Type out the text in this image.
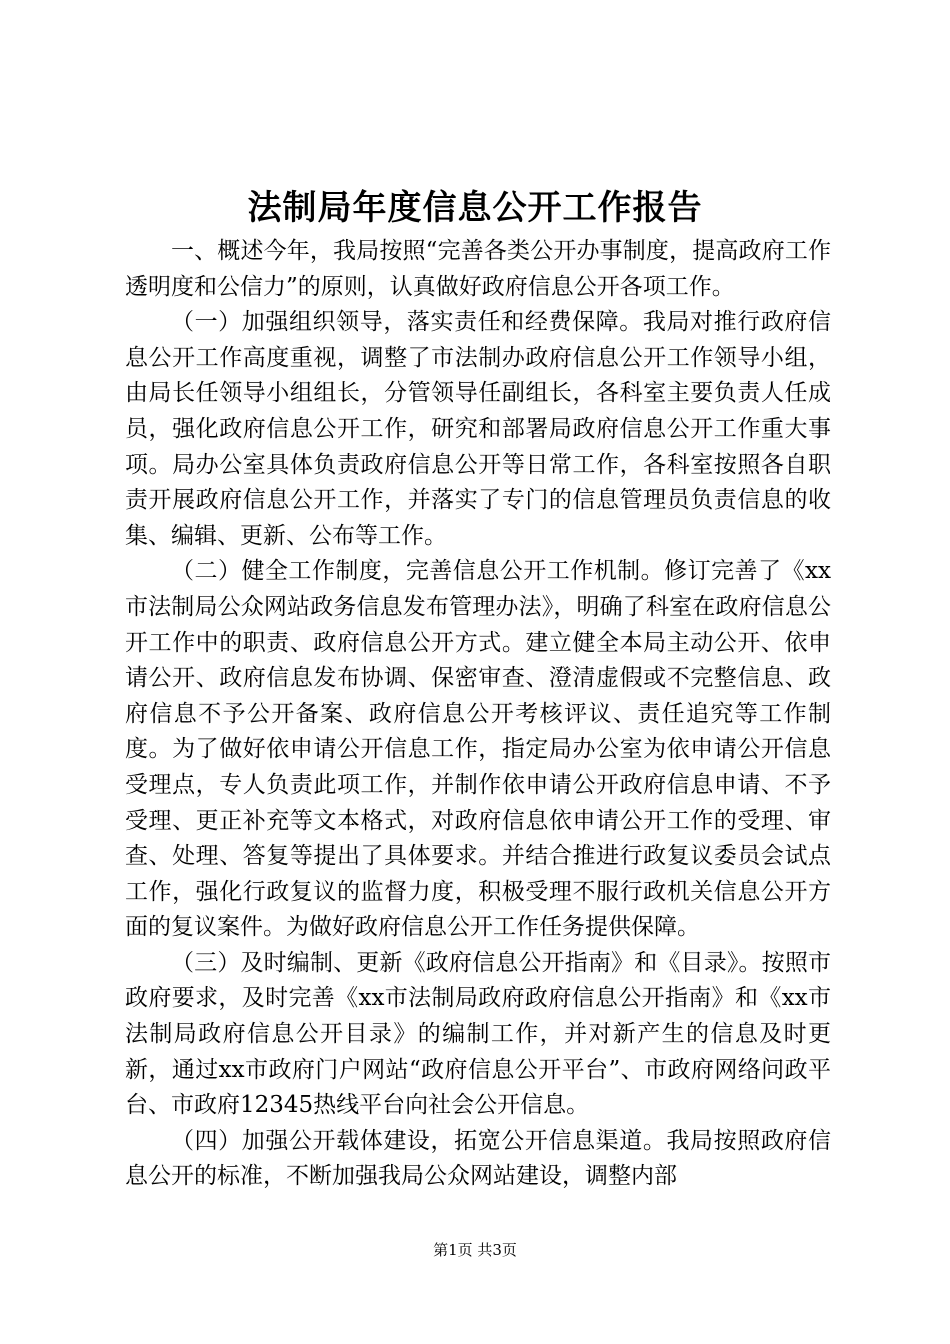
法制局年度信息公开工作报告

一、概述今年，我局按照“完善各类公开办事制度，提高政府工作透明度和公信力”的原则，认真做好政府信息公开各项工作。

（一）加强组织领导，落实责任和经费保障。我局对推行政府信息公开工作高度重视，调整了市法制办政府信息公开工作领导小组，由局长任领导小组组长，分管领导任副组长，各科室主要负责人任成员，强化政府信息公开工作，研究和部署局政府信息公开工作重大事项。局办公室具体负责政府信息公开等日常工作，各科室按照各自职责开展政府信息公开工作，并落实了专门的信息管理员负责信息的收集、编辑、更新、公布等工作。

（二）健全工作制度，完善信息公开工作机制。修订完善了《xx市法制局公众网站政务信息发布管理办法》，明确了科室在政府信息公开工作中的职责、政府信息公开方式。建立健全本局主动公开、依申请公开、政府信息发布协调、保密审查、澄清虚假或不完整信息、政府信息不予公开备案、政府信息公开考核评议、责任追究等工作制度。为了做好依申请公开信息工作，指定局办公室为依申请公开信息受理点，专人负责此项工作，并制作依申请公开政府信息申请、不予受理、更正补充等文本格式，对政府信息依申请公开工作的受理、审查、处理、答复等提出了具体要求。并结合推进行政复议委员会试点工作，强化行政复议的监督力度，积极受理不服行政机关信息公开方面的复议案件。为做好政府信息公开工作任务提供保障。

（三）及时编制、更新《政府信息公开指南》和《目录》。按照市政府要求，及时完善《xx市法制局政府政府信息公开指南》和《xx市法制局政府信息公开目录》的编制工作，并对新产生的信息及时更新，通过xx市政府门户网站“政府信息公开平台”、市政府网络问政平台、市政府12345热线平台向社会公开信息。

（四）加强公开载体建设，拓宽公开信息渠道。我局按照政府信息公开的标准，不断加强我局公众网站建设，调整内部

第1页 共3页
